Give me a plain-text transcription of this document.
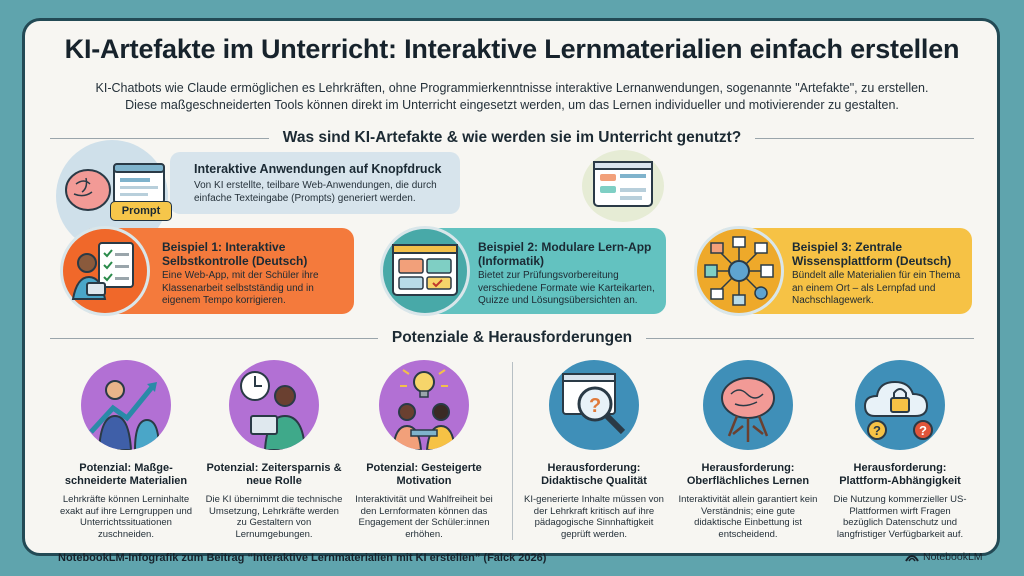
KI-Artefakte im Unterricht: Interaktive Lernmaterialien einfach erstellen
KI-Chatbots wie Claude ermöglichen es Lehrkräften, ohne Programmierkenntnisse interaktive Lernanwendungen, sogenannte "Artefakte", zu erstellen.
Diese maßgeschneiderten Tools können direkt im Unterricht eingesetzt werden, um das Lernen individueller und motivierender zu gestalten.
Was sind KI-Artefakte & wie werden sie im Unterricht genutzt?
Interaktive Anwendungen auf Knopfdruck
Von KI erstellte, teilbare Web-Anwendungen, die durch einfache Texteingabe (Prompts) generiert werden.
Prompt
Beispiel 1: Interaktive Selbstkontrolle (Deutsch)
Eine Web-App, mit der Schüler ihre Klassenarbeit selbstständig und in eigenem Tempo korrigieren.
Beispiel 2: Modulare Lern-App (Informatik)
Bietet zur Prüfungsvorbereitung verschiedene Formate wie Karteikarten, Quizze und Lösungsübersichten an.
Beispiel 3: Zentrale Wissensplattform (Deutsch)
Bündelt alle Materialien für ein Thema an einem Ort – als Lernpfad und Nachschlagewerk.
Potenziale & Herausforderungen
Potenzial: Maßge-schneiderte Materialien
Lehrkräfte können Lerninhalte exakt auf ihre Lerngruppen und Unterrichtssituationen zuschneiden.
Potenzial: Zeitersparnis & neue Rolle
Die KI übernimmt die technische Umsetzung, Lehrkräfte werden zu Gestaltern von Lernumgebungen.
Potenzial: Gesteigerte Motivation
Interaktivität und Wahlfreiheit bei den Lernformaten können das Engagement der Schüler:innen erhöhen.
?
Herausforderung: Didaktische Qualität
KI-generierte Inhalte müssen von der Lehrkraft kritisch auf ihre pädagogische Sinnhaftigkeit geprüft werden.
Herausforderung: Oberflächliches Lernen
Interaktivität allein garantiert kein Verständnis; eine gute didaktische Einbettung ist entscheidend.
?	?
Herausforderung: Plattform-Abhängigkeit
Die Nutzung kommerzieller US-Plattformen wirft Fragen bezüglich Datenschutz und langfristiger Verfügbarkeit auf.
NotebookLM-Infografik zum Beitrag “Interaktive Lernmaterialien mit KI erstellen” (Falck 2026)	NotebookLM
